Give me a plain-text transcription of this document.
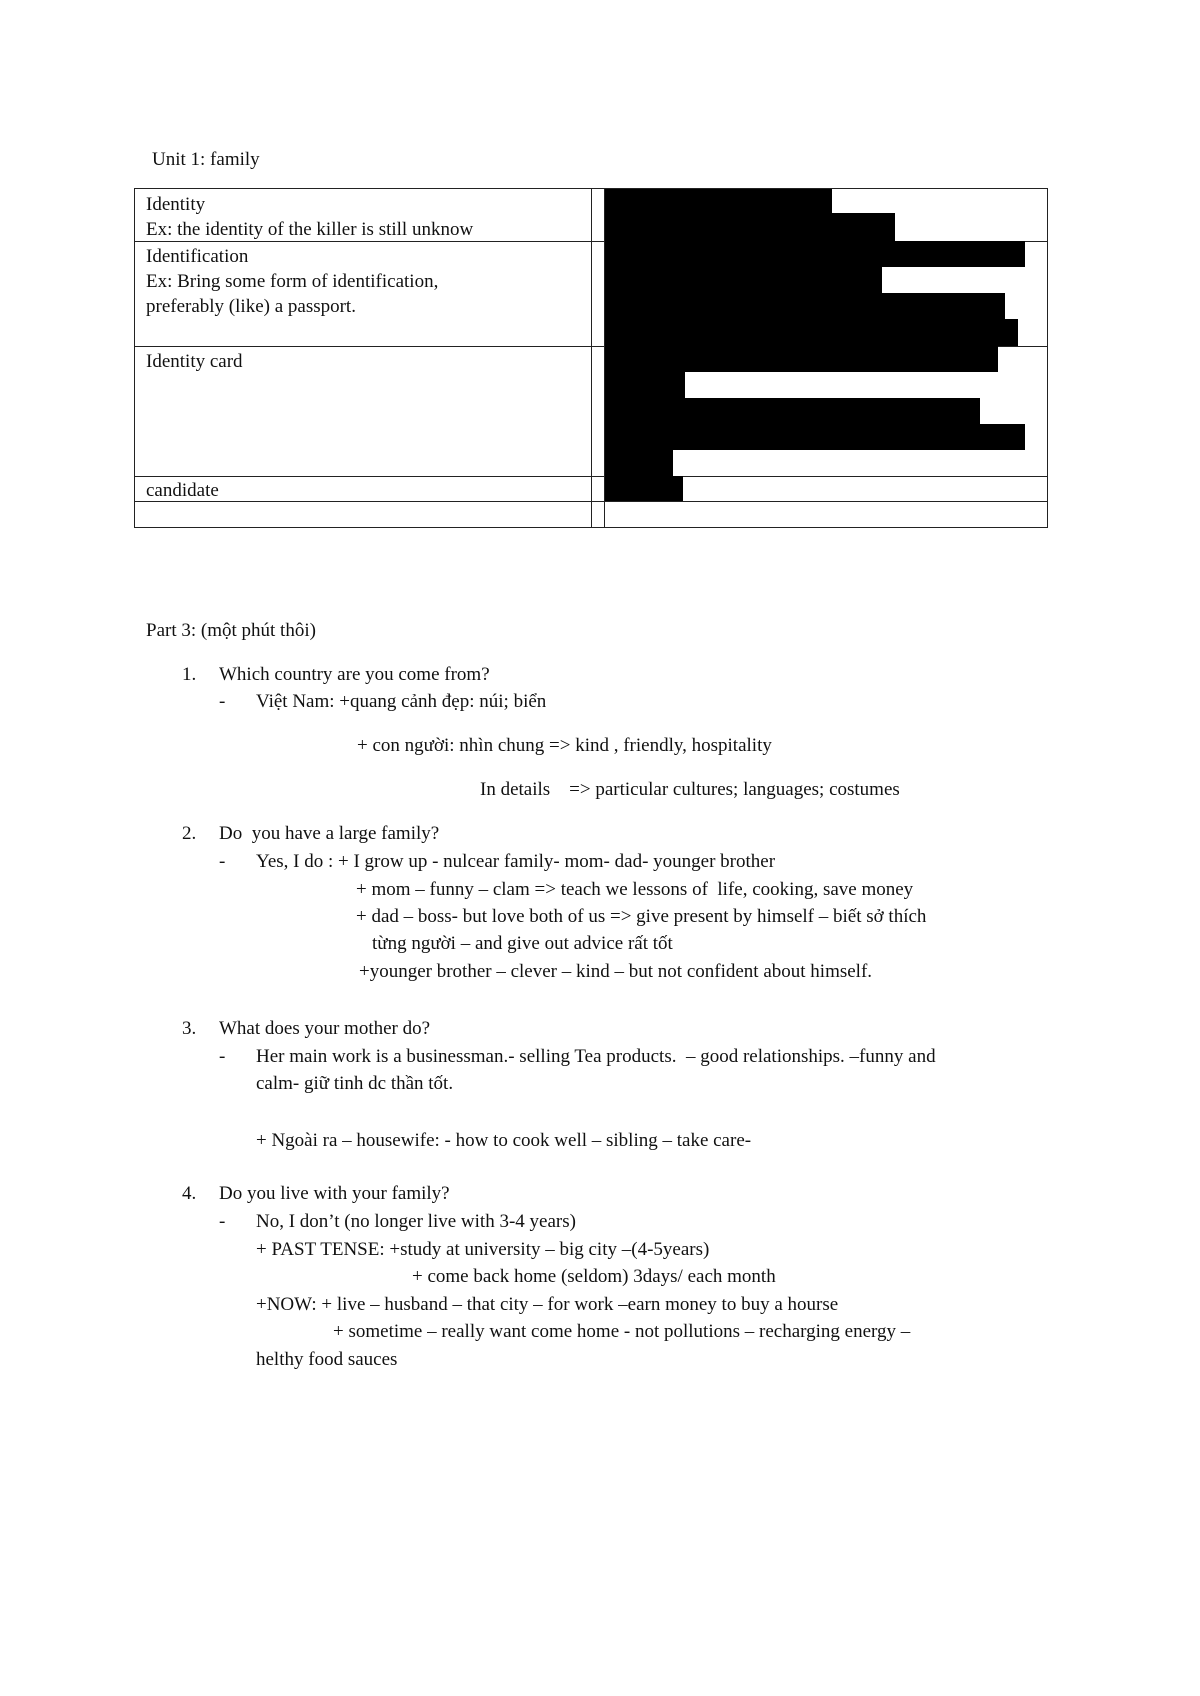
Unit 1: family
Identity
Ex: the identity of the killer is still unknow
Identification
Ex: Bring some form of identification,
preferably (like) a passport.
Identity card
candidate
Part 3: (một phút thôi)
1. Which country are you come from?
- Việt Nam: +quang cảnh đẹp: núi; biển
+ con người: nhìn chung => kind , friendly, hospitality
In details    => particular cultures; languages; costumes
2. Do  you have a large family?
- Yes, I do : + I grow up - nulcear family- mom- dad- younger brother
+ mom – funny – clam => teach we lessons of  life, cooking, save money
+ dad – boss- but love both of us => give present by himself – biết sở thích
từng người – and give out advice rất tốt
+younger brother – clever – kind – but not confident about himself.
3. What does your mother do?
- Her main work is a businessman.- selling Tea products.  – good relationships. –funny and
calm- giữ tinh dc thần tốt.
+ Ngoài ra – housewife: - how to cook well – sibling – take care-
4. Do you live with your family?
- No, I don’t (no longer live with 3-4 years)
+ PAST TENSE: +study at university – big city –(4-5years)
+ come back home (seldom) 3days/ each month
+NOW: + live – husband – that city – for work –earn money to buy a hourse
+ sometime – really want come home - not pollutions – recharging energy –
helthy food sauces
